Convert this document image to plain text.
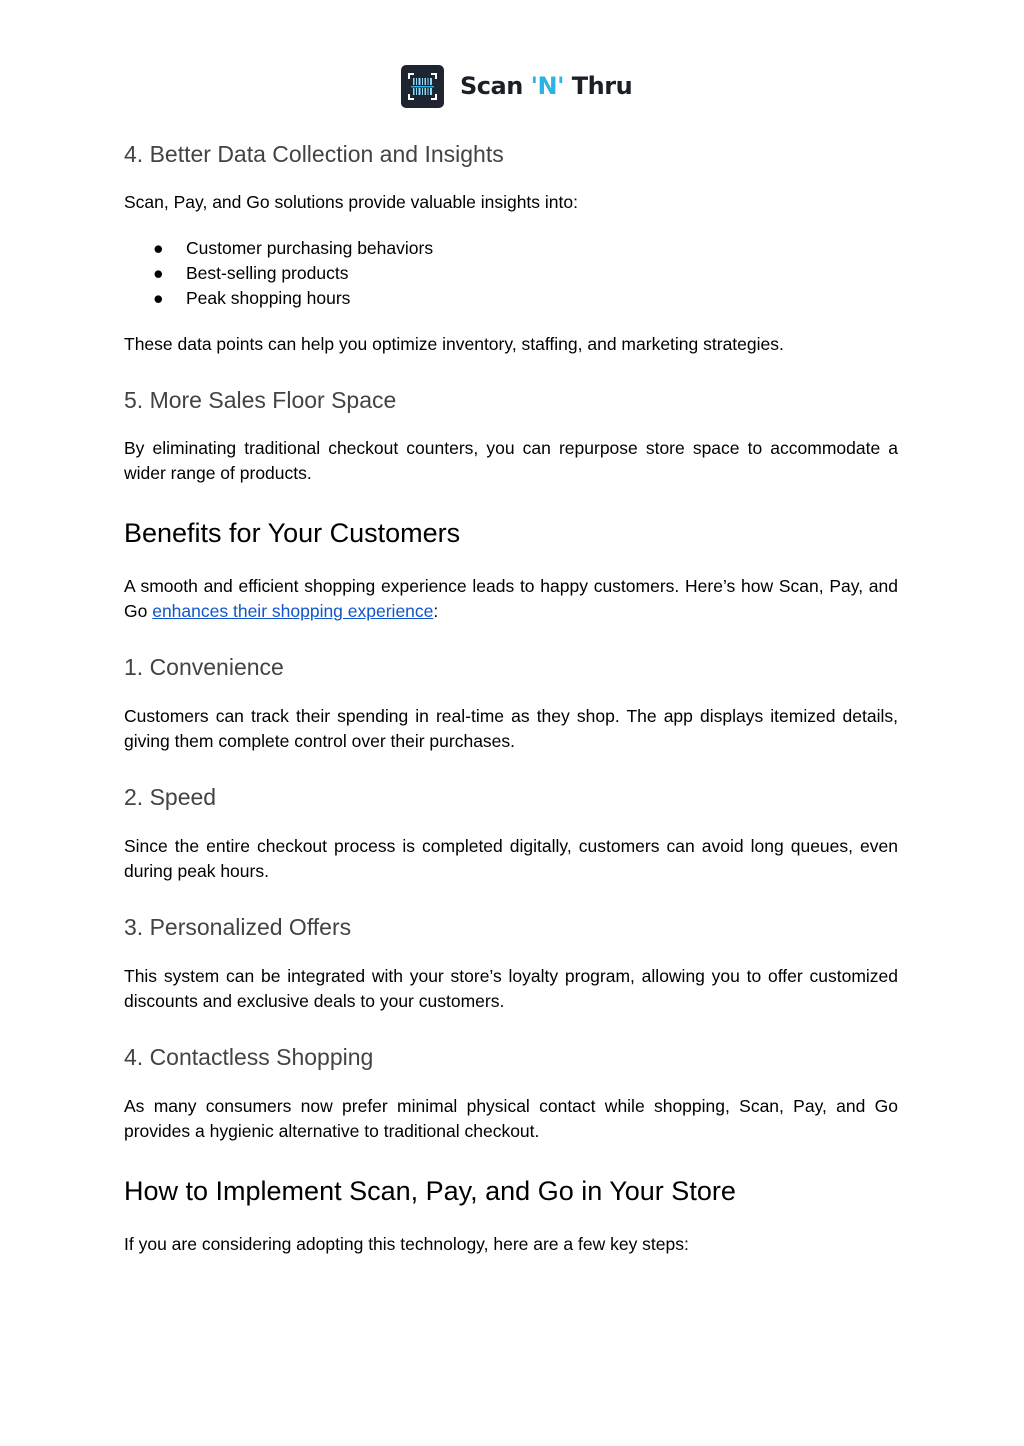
Scan 'N' Thru
4. Better Data Collection and Insights

Scan, Pay, and Go solutions provide valuable insights into:

● Customer purchasing behaviors
● Best-selling products
● Peak shopping hours

These data points can help you optimize inventory, staffing, and marketing strategies.

5. More Sales Floor Space

By eliminating traditional checkout counters, you can repurpose store space to accommodate a wider range of products.

Benefits for Your Customers

A smooth and efficient shopping experience leads to happy customers. Here’s how Scan, Pay, and Go enhances their shopping experience:

1. Convenience

Customers can track their spending in real-time as they shop. The app displays itemized details, giving them complete control over their purchases.

2. Speed

Since the entire checkout process is completed digitally, customers can avoid long queues, even during peak hours.

3. Personalized Offers

This system can be integrated with your store’s loyalty program, allowing you to offer customized discounts and exclusive deals to your customers.

4. Contactless Shopping

As many consumers now prefer minimal physical contact while shopping, Scan, Pay, and Go provides a hygienic alternative to traditional checkout.

How to Implement Scan, Pay, and Go in Your Store

If you are considering adopting this technology, here are a few key steps:
